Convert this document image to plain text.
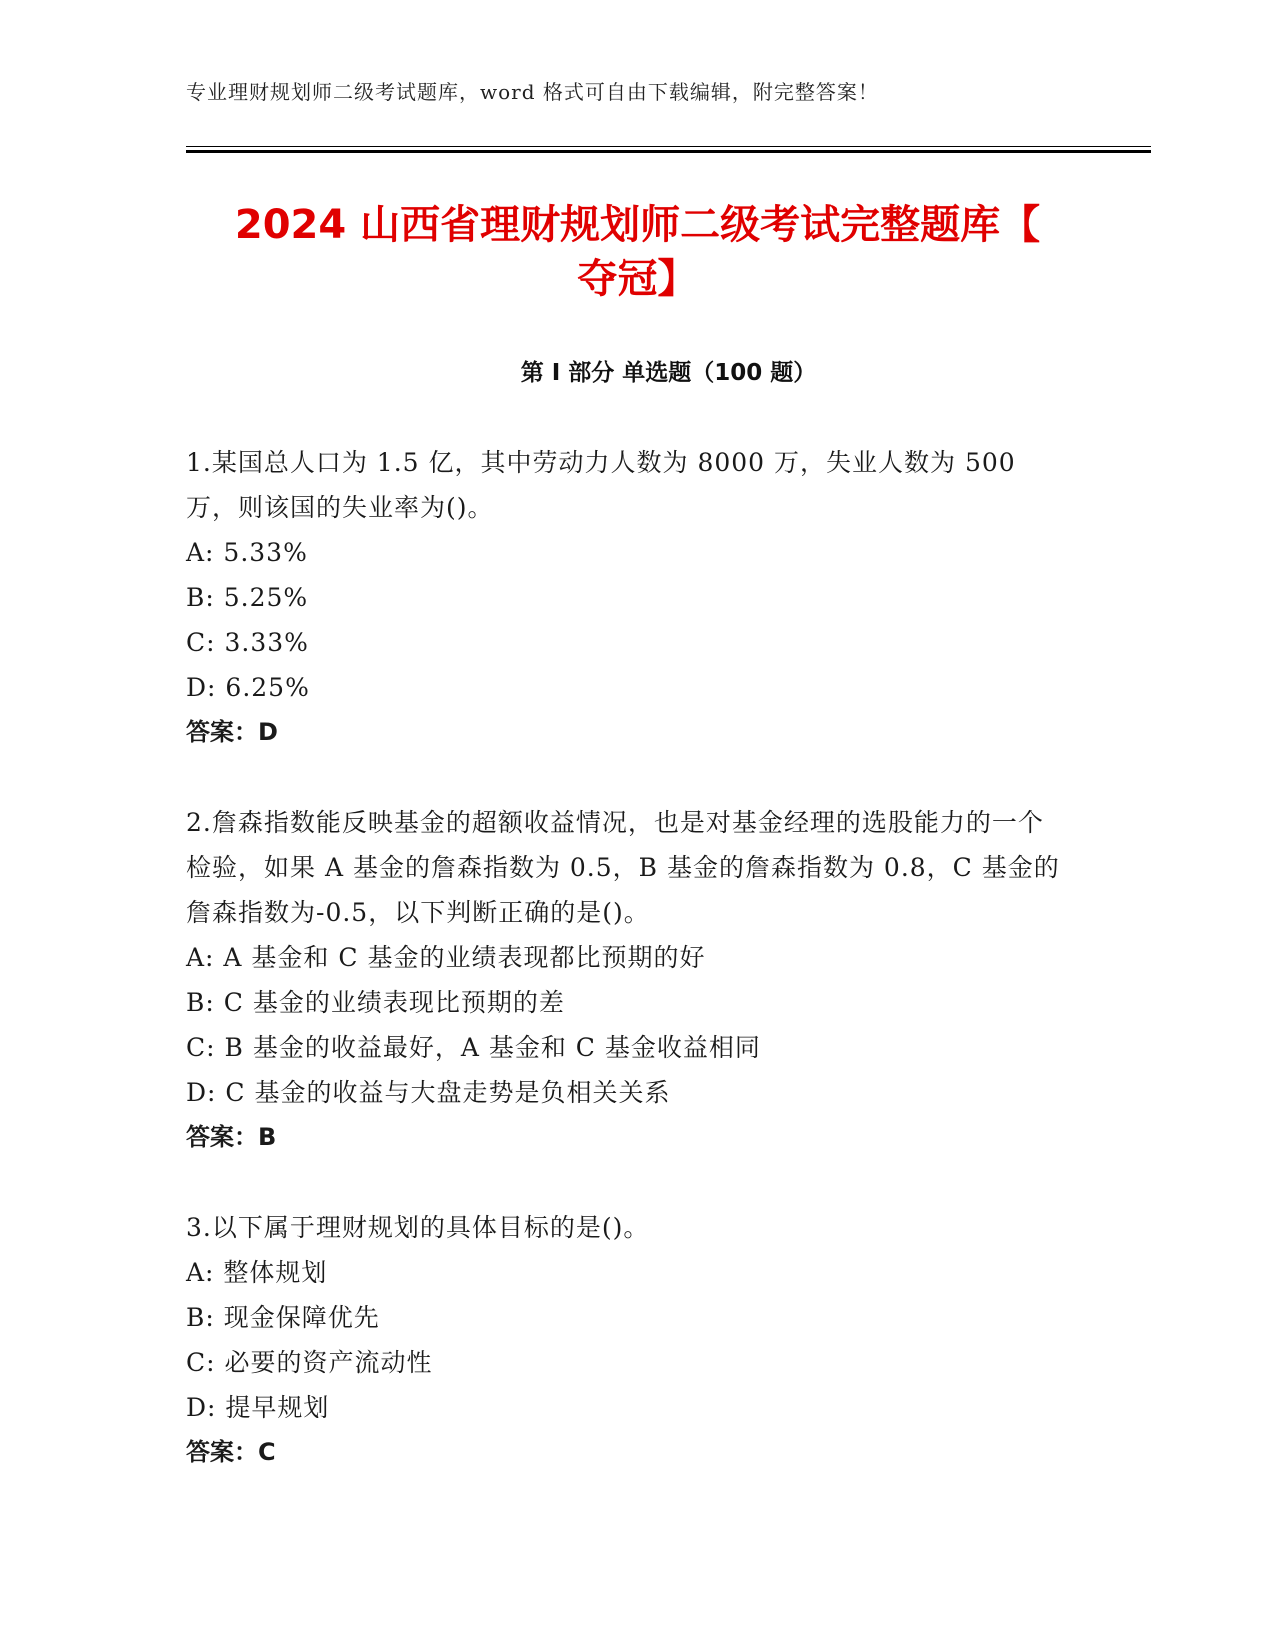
专业理财规划师二级考试题库，word 格式可自由下载编辑，附完整答案！
2024 山西省理财规划师二级考试完整题库【
夺冠】
第 I 部分 单选题（100 题）

1.某国总人口为 1.5 亿，其中劳动力人数为 8000 万，失业人数为 500 万，则该国的失业率为()。

A: 5.33%

B: 5.25%

C: 3.33%

D: 6.25%

答案：D

2.詹森指数能反映基金的超额收益情况，也是对基金经理的选股能力的一个检验，如果 A 基金的詹森指数为 0.5，B 基金的詹森指数为 0.8，C 基金的詹森指数为-0.5，以下判断正确的是()。

A: A 基金和 C 基金的业绩表现都比预期的好

B: C 基金的业绩表现比预期的差

C: B 基金的收益最好，A 基金和 C 基金收益相同

D: C 基金的收益与大盘走势是负相关关系

答案：B

3.以下属于理财规划的具体目标的是()。

A: 整体规划

B: 现金保障优先

C: 必要的资产流动性

D: 提早规划

答案：C
